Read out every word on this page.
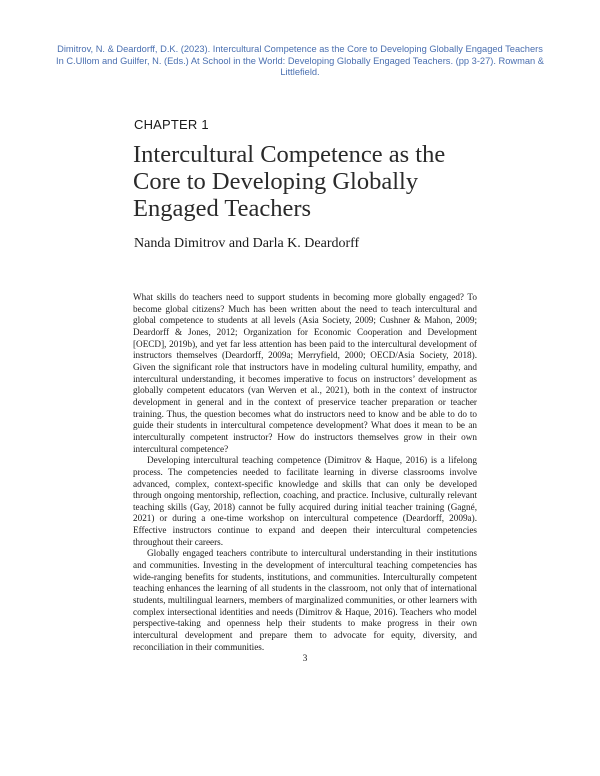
Dimitrov, N. & Deardorff, D.K. (2023). Intercultural Competence as the Core to Developing Globally Engaged Teachers
In C.Ullom and Guilfer, N. (Eds.) At School in the World: Developing Globally Engaged Teachers. (pp 3-27). Rowman &
Littlefield.
CHAPTER 1
Intercultural Competence as the
Core to Developing Globally
Engaged Teachers
Nanda Dimitrov and Darla K. Deardorff

What skills do teachers need to support students in becoming more globally engaged? To become global citizens? Much has been written about the need to teach intercultural and global competence to students at all levels (Asia Society, 2009; Cushner & Mahon, 2009; Deardorff & Jones, 2012; Organization for Economic Cooperation and Development [OECD], 2019b), and yet far less attention has been paid to the intercultural development of instructors themselves (Deardorff, 2009a; Merryfield, 2000; OECD/Asia Society, 2018). Given the significant role that instructors have in modeling cultural humility, empathy, and intercultural understanding, it becomes imperative to focus on instructors’ development as globally competent educators (van Werven et al., 2021), both in the context of instructor development in general and in the context of preservice teacher preparation or teacher training. Thus, the question becomes what do instructors need to know and be able to do to guide their students in intercultural competence development? What does it mean to be an interculturally competent instructor? How do instructors themselves grow in their own intercultural competence?

Developing intercultural teaching competence (Dimitrov & Haque, 2016) is a lifelong process. The competencies needed to facilitate learning in diverse classrooms involve advanced, complex, context-specific knowledge and skills that can only be developed through ongoing mentorship, reflection, coaching, and practice. Inclusive, culturally relevant teaching skills (Gay, 2018) cannot be fully acquired during initial teacher training (Gagné, 2021) or during a one-time workshop on intercultural competence (Deardorff, 2009a). Effective instructors continue to expand and deepen their intercultural competencies throughout their careers.

Globally engaged teachers contribute to intercultural understanding in their institutions and communities. Investing in the development of intercultural teaching competencies has wide-ranging benefits for students, institutions, and communities. Interculturally competent teaching enhances the learning of all students in the classroom, not only that of international students, multilingual learners, members of marginalized communities, or other learners with complex intersectional identities and needs (Dimitrov & Haque, 2016). Teachers who model perspective-taking and openness help their students to make progress in their own intercultural development and prepare them to advocate for equity, diversity, and reconciliation in their communities.

3
